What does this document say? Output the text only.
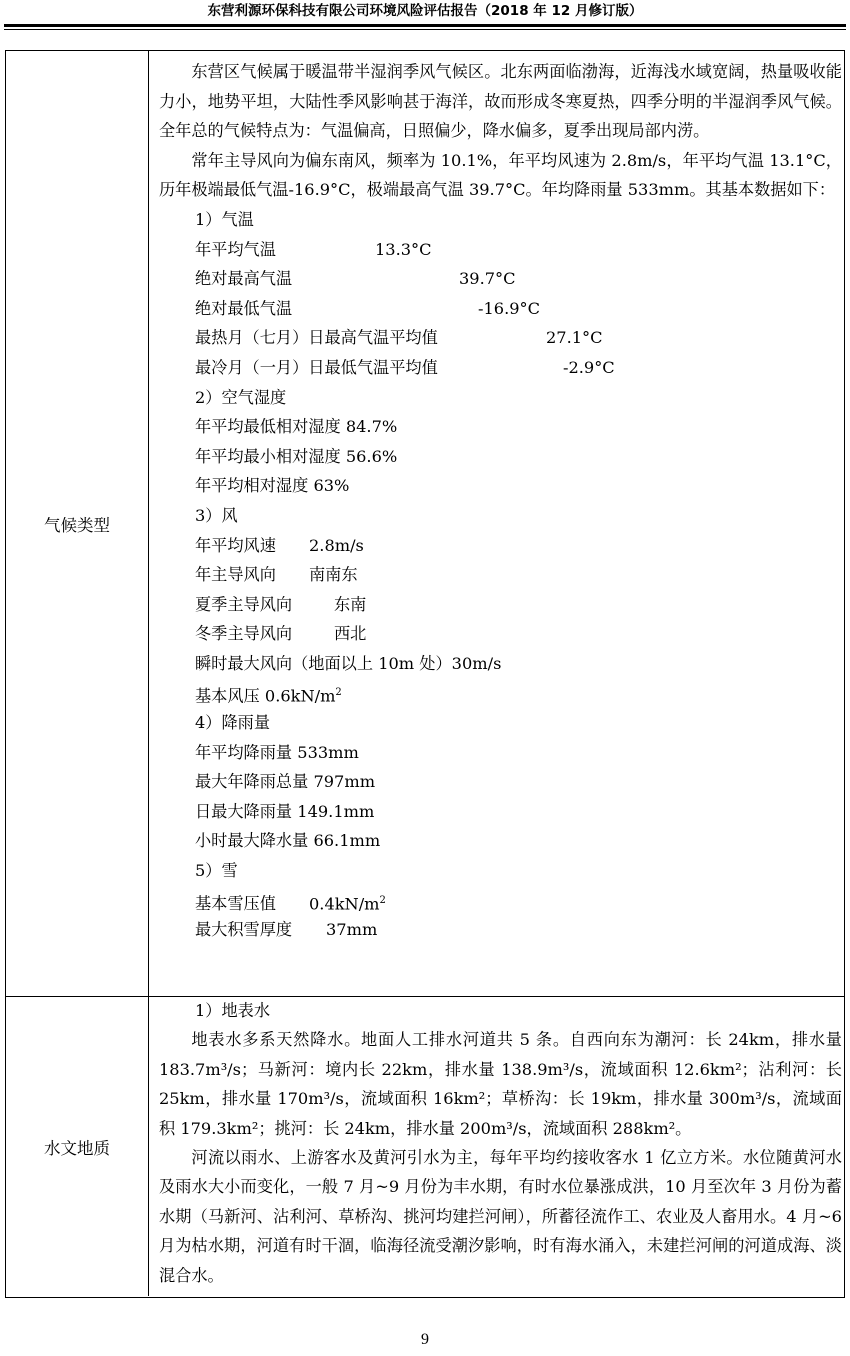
东营利源环保科技有限公司环境风险评估报告（2018 年 12 月修订版）
气候类型

东营区气候属于暖温带半湿润季风气候区。北东两面临渤海，近海浅水域宽阔，热量吸收能力小，地势平坦，大陆性季风影响甚于海洋，故而形成冬寒夏热，四季分明的半湿润季风气候。全年总的气候特点为：气温偏高，日照偏少，降水偏多，夏季出现局部内涝。

常年主导风向为偏东南风，频率为 10.1%，年平均风速为 2.8m/s，年平均气温 13.1°C，历年极端最低气温-16.9°C，极端最高气温 39.7°C。年均降雨量 533mm。其基本数据如下：

1）气温
年平均气温	13.3°C
绝对最高气温	39.7°C
绝对最低气温	-16.9°C
最热月（七月）日最高气温平均值	27.1°C
最冷月（一月）日最低气温平均值	-2.9°C
2）空气湿度
年平均最低相对湿度 84.7%
年平均最小相对湿度 56.6%
年平均相对湿度 63%
3）风
年平均风速 2.8m/s
年主导风向 南南东
夏季主导风向	东南
冬季主导风向	西北
瞬时最大风向（地面以上 10m 处）30m/s
基本风压 $0.6kN/m^2$
4）降雨量
年平均降雨量 533mm
最大年降雨总量 797mm
日最大降雨量 149.1mm
小时最大降水量 66.1mm
5）雪
基本雪压值 $0.4kN/m^2$
最大积雪厚度 37mm
水文地质
1）地表水

地表水多系天然降水。地面人工排水河道共 5 条。自西向东为潮河：长 24km，排水量 183.7m³/s；马新河：境内长 22km，排水量 138.9m³/s，流域面积 12.6km²；沾利河：长 25km，排水量 170m³/s，流域面积 16km²；草桥沟：长 19km，排水量 300m³/s，流域面积 179.3km²；挑河：长 24km，排水量 200m³/s，流域面积 288km²。

河流以雨水、上游客水及黄河引水为主，每年平均约接收客水 1 亿立方米。水位随黄河水及雨水大小而变化，一般 7 月~9 月份为丰水期，有时水位暴涨成洪，10 月至次年 3 月份为蓄水期（马新河、沾利河、草桥沟、挑河均建拦河闸），所蓄径流作工、农业及人畜用水。4 月~6 月为枯水期，河道有时干涸，临海径流受潮汐影响，时有海水涌入，未建拦河闸的河道成海、淡混合水。

9
